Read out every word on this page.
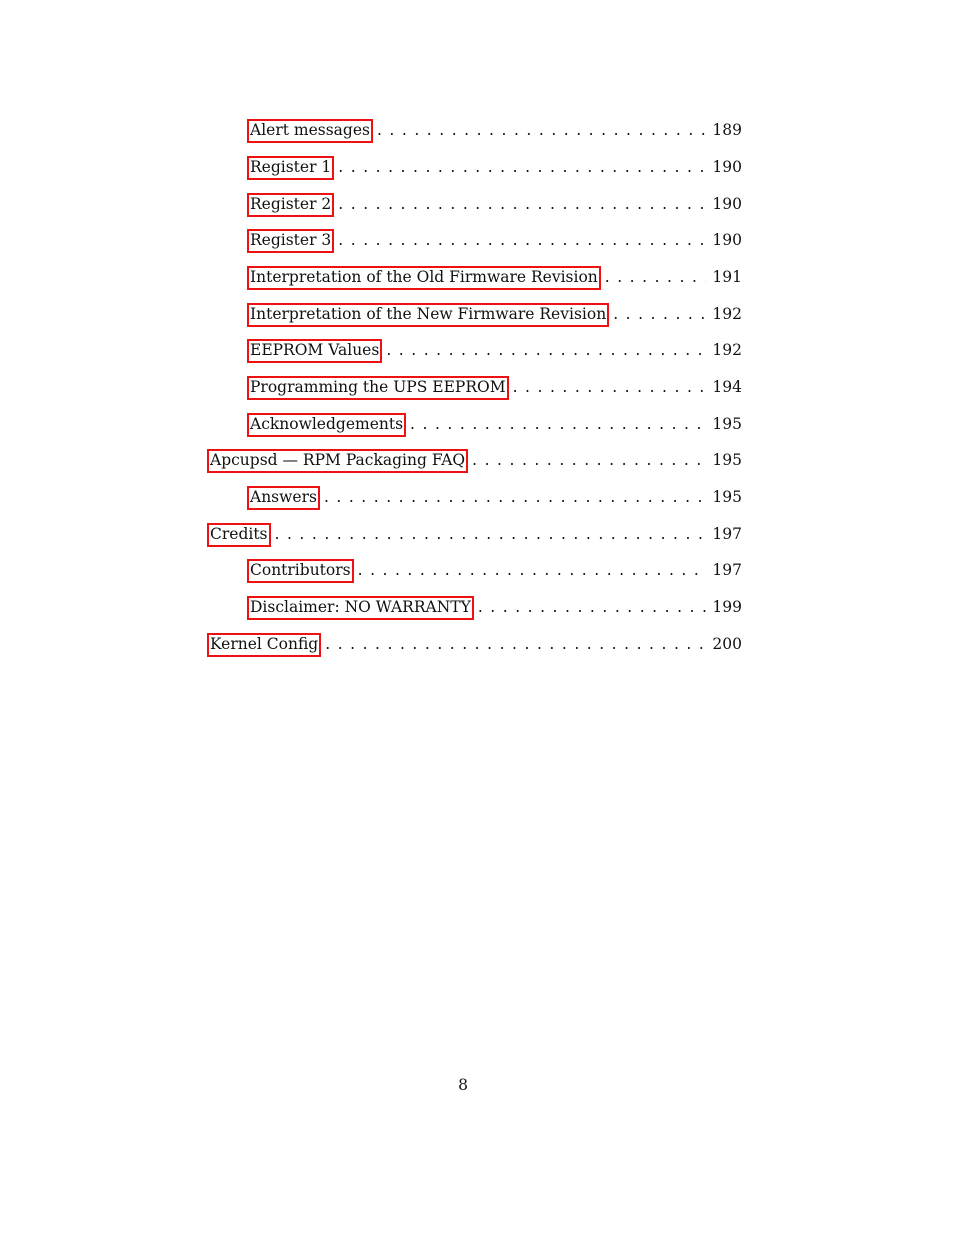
Alert messages . . .	189
Register 1 . . .	190
Register 2 . . .	190
Register 3 . . .	190
Interpretation of the Old Firmware Revision . . .	191
Interpretation of the New Firmware Revision . . .	192
EEPROM Values . . .	192
Programming the UPS EEPROM . . .	194
Acknowledgements . . .	195
Apcupsd — RPM Packaging FAQ . . .	195
Answers . . .	195
Credits . . .	197
Contributors . . .	197
Disclaimer: NO WARRANTY . . .	199
Kernel Config . . .	200
8
